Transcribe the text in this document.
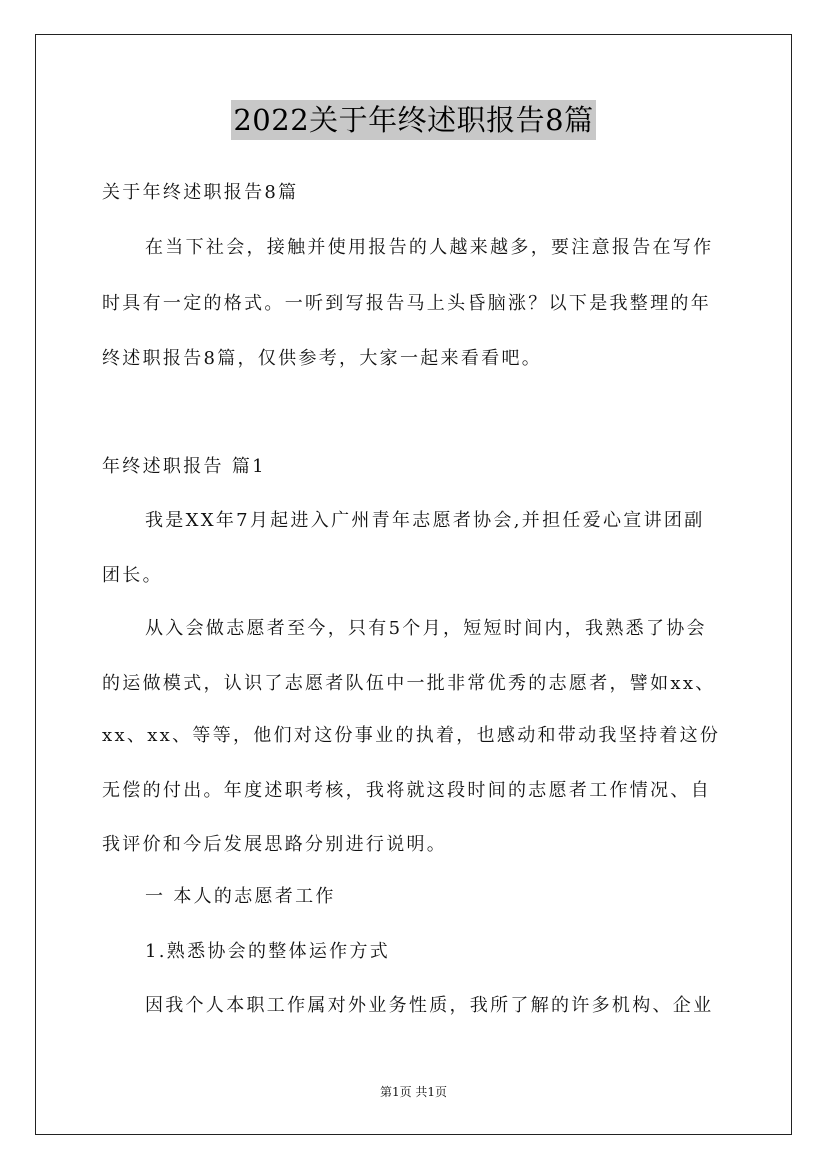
2022关于年终述职报告8篇
关于年终述职报告8篇
在当下社会，接触并使用报告的人越来越多，要注意报告在写作
时具有一定的格式。一听到写报告马上头昏脑涨？以下是我整理的年
终述职报告8篇，仅供参考，大家一起来看看吧。
年终述职报告 篇1
我是XX年7月起进入广州青年志愿者协会,并担任爱心宣讲团副
团长。
从入会做志愿者至今，只有5个月，短短时间内，我熟悉了协会
的运做模式，认识了志愿者队伍中一批非常优秀的志愿者，譬如xx、
xx、xx、等等，他们对这份事业的执着，也感动和带动我坚持着这份
无偿的付出。年度述职考核，我将就这段时间的志愿者工作情况、自
我评价和今后发展思路分别进行说明。
一 本人的志愿者工作
1.熟悉协会的整体运作方式
因我个人本职工作属对外业务性质，我所了解的许多机构、企业
第1页 共1页
